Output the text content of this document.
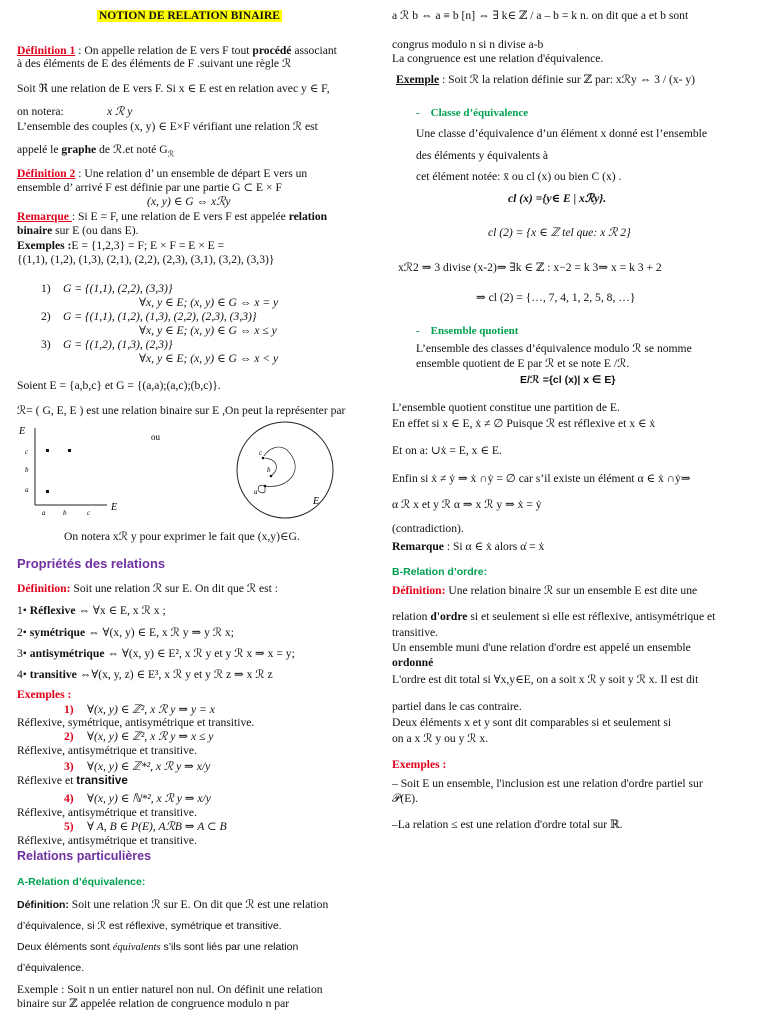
NOTION DE RELATION BINAIRE
Définition 1 : On appelle relation de E vers F tout procédé associant
à des éléments de E des éléments de F .suivant une règle ℛ
Soit ℜ une relation de E vers F. Si x ∈ E est en relation avec y ∈ F,
on notera:	x ℛ y
L’ensemble des couples (x, y) ∈ E×F vérifiant une relation ℛ est
appelé le graphe de ℛ.et noté $G_ℛ$
Définition 2 : Une relation d’ un ensemble de départ E vers un
ensemble d’ arrivé F est définie par une partie G ⊂ E × F
(x, y) ∈ G ⇔ xℛy
Remarque : Si E = F, une relation de E vers F est appelée relation
binaire sur E (ou dans E).
Exemples :E = {1,2,3} = F; E × F = E × E =
{(1,1), (1,2), (1,3), (2,1), (2,2), (2,3), (3,1), (3,2), (3,3)}
1) G = {(1,1), (2,2), (3,3)}
∀x, y ∈ E; (x, y) ∈ G ⇔ x = y
2) G = {(1,1), (1,2), (1,3), (2,2), (2,3), (3,3)}
∀x, y ∈ E; (x, y) ∈ G ⇔ x ≤ y
3) G = {(1,2), (1,3), (2,3)}
∀x, y ∈ E; (x, y) ∈ G ⇔ x < y
Soient E = {a,b,c} et G = {(a,a);(a,c);(b,c)}.
ℛ= ( G, E, E ) est une relation binaire sur E ,On peut la représenter par
E
c
b
a
a	b	c E
ou
c
b
a
E
On notera xℛ y pour exprimer le fait que (x,y)∈G.
Propriétés des relations
Définition: Soit une relation ℛ sur E. On dit que ℛ est :
1• Réflexive ⇔ ∀x ∈ E, x ℛ x ;
2• symétrique ⇔ ∀(x, y) ∈ E, x ℛ y ⇒ y ℛ x;
3• antisymétrique ⇔ ∀(x, y) ∈ E², x ℛ y et y ℛ x ⇒ x = y;
4• transitive ⇔∀(x, y, z) ∈ E³, x ℛ y et y ℛ z ⇒ x ℛ z
Exemples :
1) ∀(x, y) ∈ ℤ², x ℛ y ⇒ y = x
Réflexive, symétrique, antisymétrique et transitive.
2) ∀(x, y) ∈ ℤ², x ℛ y ⇒ x ≤ y
Réflexive, antisymétrique et transitive.
3) ∀(x, y) ∈ ℤ*², x ℛ y ⇒ x/y
Réflexive et transitive
4) ∀(x, y) ∈ ℕ*², x ℛ y ⇒ x/y
Réflexive, antisymétrique et transitive.
5) ∀ A, B ∈ P(E), AℛB ⇒ A ⊂ B
Réflexive, antisymétrique et transitive.
Relations particulières
A-Relation d’équivalence:
Définition: Soit une relation ℛ sur E. On dit que ℛ est une relation
d’équivalence, si ℛ est réflexive, symétrique et transitive.
Deux éléments sont équivalents s’ils sont liés par une relation
d’équivalence.
Exemple : Soit n un entier naturel non nul. On définit une relation
binaire sur ℤ appelée relation de congruence modulo n par
a ℛ b ⇔ a ≡ b [n] ⇔ ∃ k∈ ℤ / a – b = k n. on dit que a et b sont
congrus modulo n si n divise a-b
La congruence est une relation d'équivalence.
Exemple : Soit ℛ la relation définie sur ℤ par: xℛy ⇔ 3 / (x- y)
- Classe d’équivalence
Une classe d’équivalence d’un élément x donné est l’ensemble
des éléments y équivalents à
cet élément notée: x̄ ou cl (x) ou bien C (x) .
cl (x) ={y∈ E | xℛy}.
cl (2) = {x ∈ ℤ tel que: x ℛ 2}
xℛ2 ⇒ 3 divise (x-2)⇒ ∃k ∈ ℤ : x−2 = k 3⇒ x = k 3 + 2
⇒ cl (2) = {…, 7, 4, 1, 2, 5, 8, …}
- Ensemble quotient
L’ensemble des classes d’équivalence modulo ℛ se nomme
ensemble quotient de E par ℛ et se note E /ℛ.
E/ℛ ={cl (x)| x ∈ E}
L’ensemble quotient constitue une partition de E.
En effet si x ∈ E, ẋ ≠ ∅ Puisque ℛ est réflexive et x ∈ ẋ
Et on a: ∪ẋ = E, x ∈ E.
Enfin si ẋ ≠ ẏ ⇒ ẋ ∩ẏ = ∅ car s’il existe un élément α ∈ ẋ ∩ẏ⇒
α ℛ x et y ℛ α ⇒ x ℛ y ⇒ ẋ = ẏ
(contradiction).
Remarque : Si α ∈ ẋ alors α̇ = ẋ
B-Relation d’ordre:
Définition: Une relation binaire ℛ sur un ensemble E est dite une
relation d'ordre si et seulement si elle est réflexive, antisymétrique et
transitive.
Un ensemble muni d'une relation d'ordre est appelé un ensemble
ordonné
L'ordre est dit total si ∀x,y∈E, on a soit x ℛ y soit y ℛ x. Il est dit
partiel dans le cas contraire.
Deux éléments x et y sont dit comparables si et seulement si
on a x ℛ y ou y ℛ x.
Exemples :
– Soit E un ensemble, l'inclusion est une relation d'ordre partiel sur
𝒫(E).
–La relation ≤ est une relation d'ordre total sur ℝ.
